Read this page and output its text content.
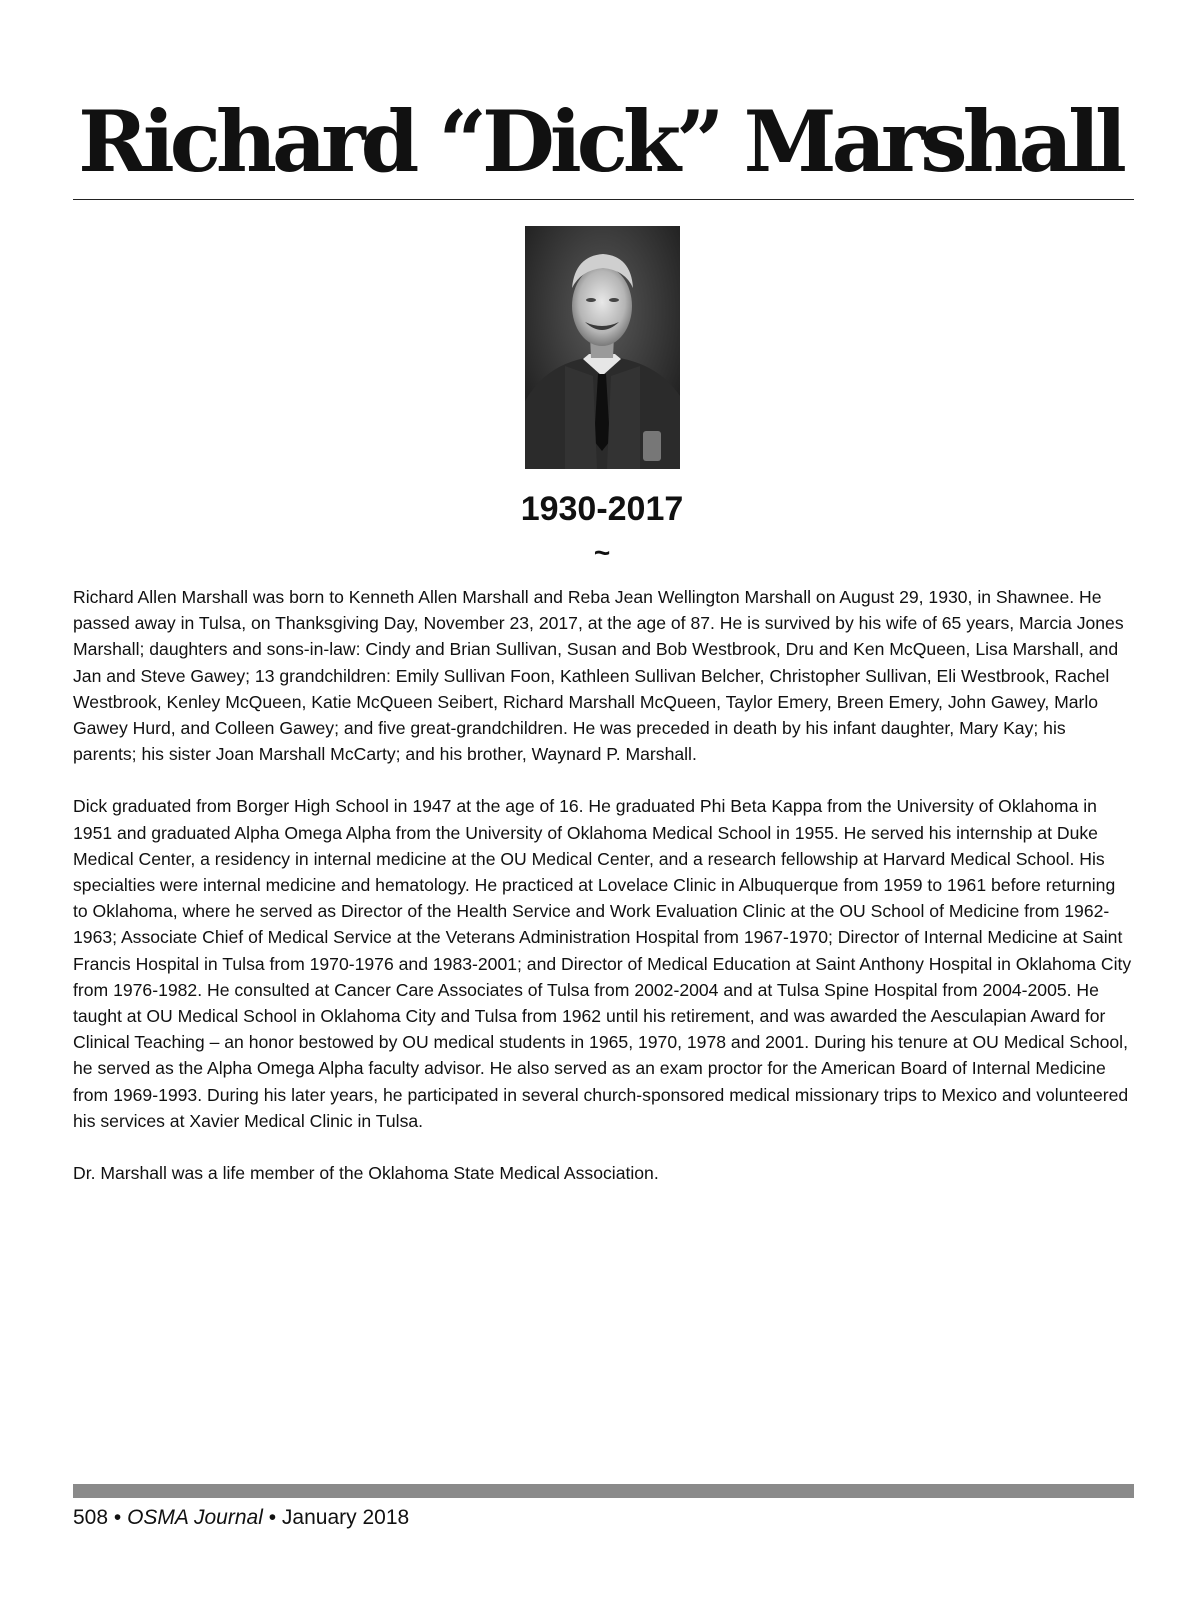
Richard “Dick” Marshall
1930-2017
~

Richard Allen Marshall was born to Kenneth Allen Marshall and Reba Jean Wellington Marshall on August 29, 1930, in Shawnee. He passed away in Tulsa, on Thanksgiving Day, November 23, 2017, at the age of 87. He is survived by his wife of 65 years, Marcia Jones Marshall; daughters and sons-in-law: Cindy and Brian Sullivan, Susan and Bob Westbrook, Dru and Ken McQueen, Lisa Marshall, and Jan and Steve Gawey; 13 grandchildren: Emily Sullivan Foon, Kathleen Sullivan Belcher, Christopher Sullivan, Eli Westbrook, Rachel Westbrook, Kenley McQueen, Katie McQueen Seibert, Richard Marshall McQueen, Taylor Emery, Breen Emery, John Gawey, Marlo Gawey Hurd, and Colleen Gawey; and five great-grandchildren. He was preceded in death by his infant daughter, Mary Kay; his parents; his sister Joan Marshall McCarty; and his brother, Waynard P. Marshall.

Dick graduated from Borger High School in 1947 at the age of 16. He graduated Phi Beta Kappa from the University of Oklahoma in 1951 and graduated Alpha Omega Alpha from the University of Oklahoma Medical School in 1955. He served his internship at Duke Medical Center, a residency in internal medicine at the OU Medical Center, and a research fellowship at Harvard Medical School. His specialties were internal medicine and hematology. He practiced at Lovelace Clinic in Albuquerque from 1959 to 1961 before returning to Oklahoma, where he served as Director of the Health Service and Work Evaluation Clinic at the OU School of Medicine from 1962-1963; Associate Chief of Medical Service at the Veterans Administration Hospital from 1967-1970; Director of Internal Medicine at Saint Francis Hospital in Tulsa from 1970-1976 and 1983-2001; and Director of Medical Education at Saint Anthony Hospital in Oklahoma City from 1976-1982. He consulted at Cancer Care Associates of Tulsa from 2002-2004 and at Tulsa Spine Hospital from 2004-2005. He taught at OU Medical School in Oklahoma City and Tulsa from 1962 until his retirement, and was awarded the Aesculapian Award for Clinical Teaching – an honor bestowed by OU medical students in 1965, 1970, 1978 and 2001. During his tenure at OU Medical School, he served as the Alpha Omega Alpha faculty advisor. He also served as an exam proctor for the American Board of Internal Medicine from 1969-1993. During his later years, he participated in several church-sponsored medical missionary trips to Mexico and volunteered his services at Xavier Medical Clinic in Tulsa.

Dr. Marshall was a life member of the Oklahoma State Medical Association.

508 • OSMA Journal • January 2018
